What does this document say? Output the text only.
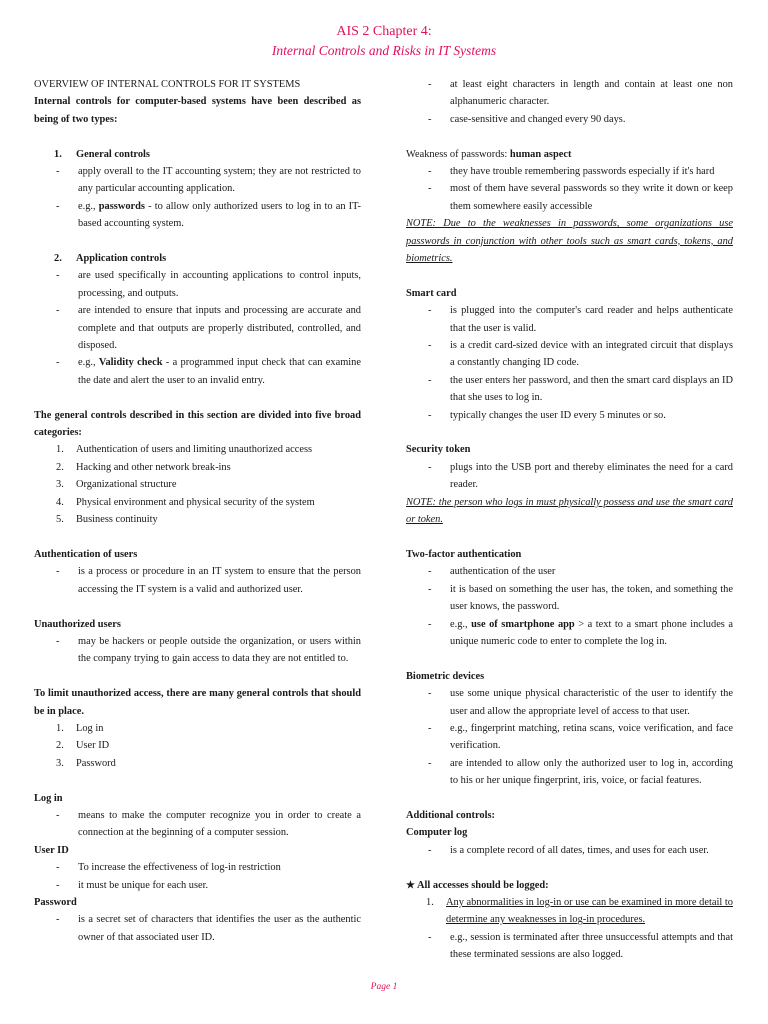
AIS 2 Chapter 4:
Internal Controls and Risks in IT Systems

OVERVIEW OF INTERNAL CONTROLS FOR IT SYSTEMS

Internal controls for computer-based systems have been described as being of two types:

1.	General controls
-	apply overall to the IT accounting system; they are not restricted to any particular accounting application.
-	e.g., passwords - to allow only authorized users to log in to an IT-based accounting system.
2.	Application controls
-	are used specifically in accounting applications to control inputs, processing, and outputs.
-	are intended to ensure that inputs and processing are accurate and complete and that outputs are properly distributed, controlled, and disposed.
-	e.g., Validity check - a programmed input check that can examine the date and alert the user to an invalid entry.

The general controls described in this section are divided into five broad categories:

1.	Authentication of users and limiting unauthorized access
2.	Hacking and other network break-ins
3.	Organizational structure
4.	Physical environment and physical security of the system
5.	Business continuity

Authentication of users

-	is a process or procedure in an IT system to ensure that the person accessing the IT system is a valid and authorized user.

Unauthorized users

-	may be hackers or people outside the organization, or users within the company trying to gain access to data they are not entitled to.

To limit unauthorized access, there are many general controls that should be in place.

1.	Log in
2.	User ID
3.	Password

Log in

-	means to make the computer recognize you in order to create a connection at the beginning of a computer session.

User ID

-	To increase the effectiveness of log-in restriction
-	it must be unique for each user.

Password

-	is a secret set of characters that identifies the user as the authentic owner of that associated user ID.
-	at least eight characters in length and contain at least one non alphanumeric character.
-	case-sensitive and changed every 90 days.

Weakness of passwords: human aspect

-	they have trouble remembering passwords especially if it's hard
-	most of them have several passwords so they write it down or keep them somewhere easily accessible

NOTE: Due to the weaknesses in passwords, some organizations use passwords in conjunction with other tools such as smart cards, tokens, and biometrics.

Smart card

-	is plugged into the computer's card reader and helps authenticate that the user is valid.
-	is a credit card-sized device with an integrated circuit that displays a constantly changing ID code.
-	the user enters her password, and then the smart card displays an ID that she uses to log in.
-	typically changes the user ID every 5 minutes or so.

Security token

-	plugs into the USB port and thereby eliminates the need for a card reader.

NOTE: the person who logs in must physically possess and use the smart card or token.

Two-factor authentication

-	authentication of the user
-	it is based on something the user has, the token, and something the user knows, the password.
-	e.g., use of smartphone app > a text to a smart phone includes a unique numeric code to enter to complete the log in.

Biometric devices

-	use some unique physical characteristic of the user to identify the user and allow the appropriate level of access to that user.
-	e.g., fingerprint matching, retina scans, voice verification, and face verification.
-	are intended to allow only the authorized user to log in, according to his or her unique fingerprint, iris, voice, or facial features.

Additional controls:

Computer log

-	is a complete record of all dates, times, and uses for each user.

★ All accesses should be logged:

1.	Any abnormalities in log-in or use can be examined in more detail to determine any weaknesses in log-in procedures.
-	e.g., session is terminated after three unsuccessful attempts and that these terminated sessions are also logged.
Page 1
